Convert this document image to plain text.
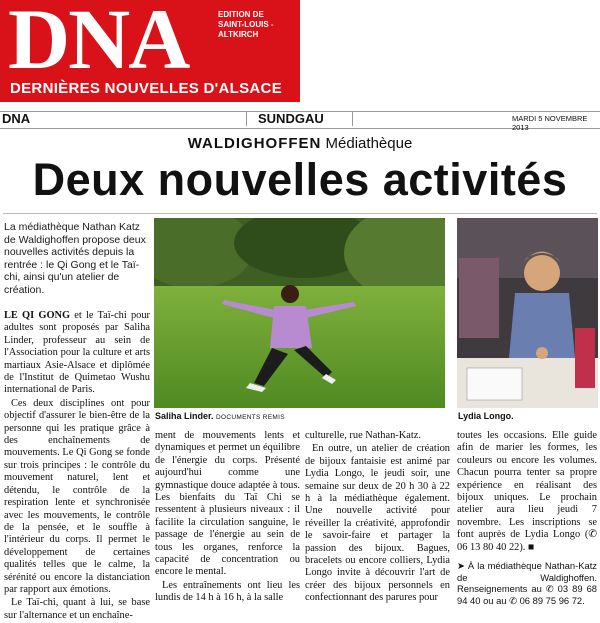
DNA
DERNIÈRES NOUVELLES D'ALSACE
EDITION DE
SAINT-LOUIS -
ALTKIRCH
DNA	SUNDGAU	MARDI 5 NOVEMBRE 2013
WALDIGHOFFEN Médiathèque
Deux nouvelles activités
La médiathèque Nathan Katz de Waldighoffen propose deux nouvelles activités depuis la rentrée : le Qi Gong et le Taï-chi, ainsi qu'un atelier de création.
Saliha Linder. DOCUMENTS REMIS	Lydia Longo.

LE QI GONG et le Taï-chi pour adultes sont proposés par Saliha Linder, professeur au sein de l'Association pour la culture et arts martiaux Asie-Alsace et diplômée de l'Institut de Quimetao Wushu international de Paris.

Ces deux disciplines ont pour objectif d'assurer le bien-être de la personne qui les pratique grâce à des enchaînements de mouvements. Le Qi Gong se fonde sur trois principes : le contrôle du mouvement naturel, lent et détendu, le contrôle de la respiration lente et synchronisée avec les mouvements, le contrôle de la pensée, et le souffle à l'intérieur du corps. Il permet le développement de certaines qualités telles que le calme, la sérénité ou encore la distanciation par rapport aux émotions.

Le Taï-chi, quant à lui, se base sur l'alternance et un enchaîne-

ment de mouvements lents et dynamiques et permet un équilibre de l'énergie du corps. Présenté aujourd'hui comme une gymnastique douce adaptée à tous. Les bienfaits du Taï Chi se ressentent à plusieurs niveaux : il facilite la circulation sanguine, le passage de l'énergie au sein de tous les organes, renforce la capacité de concentration ou encore le mental.

Les entraînements ont lieu les lundis de 14 h à 16 h, à la salle

culturelle, rue Nathan-Katz.

En outre, un atelier de création de bijoux fantaisie est animé par Lydia Longo, le jeudi soir, une semaine sur deux de 20 h 30 à 22 h à la médiathèque également. Une nouvelle activité pour réveiller la créativité, approfondir le savoir-faire et partager la passion des bijoux. Bagues, bracelets ou encore colliers, Lydia Longo invite à découvrir l'art de créer des bijoux personnels en confectionnant des parures pour

toutes les occasions. Elle guide afin de marier les formes, les couleurs ou encore les volumes. Chacun pourra tenter sa propre expérience en réalisant des bijoux uniques. Le prochain atelier aura lieu jeudi 7 novembre. Les inscriptions se font auprès de Lydia Longo (✆ 06 13 80 40 22). ■

➤ À la médiathèque Nathan-Katz de Waldighoffen. Renseignements au ✆ 03 89 68 94 40 ou au ✆ 06 89 75 96 72.
